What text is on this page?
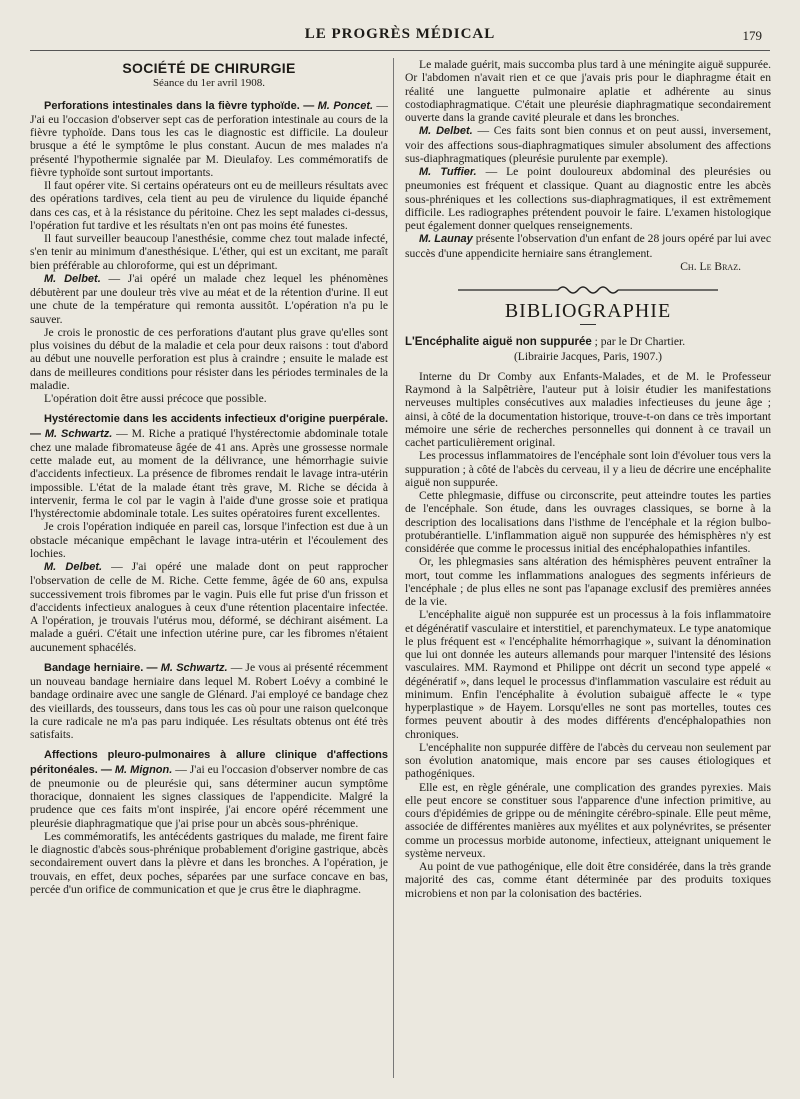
LE PROGRÈS MÉDICAL	179
SOCIÉTÉ DE CHIRURGIE
Séance du 1er avril 1908.

Perforations intestinales dans la fièvre typhoïde. — M. Poncet. — J'ai eu l'occasion d'observer sept cas de perforation intestinale au cours de la fièvre typhoïde. Dans tous les cas le diagnostic est difficile. La douleur brusque a été le symptôme le plus constant. Aucun de mes malades n'a présenté l'hypothermie signalée par M. Dieulafoy. Les commémoratifs de fièvre typhoïde sont surtout importants.

Il faut opérer vite. Si certains opérateurs ont eu de meilleurs résultats avec des opérations tardives, cela tient au peu de virulence du liquide épanché dans ces cas, et à la résistance du péritoine. Chez les sept malades ci-dessus, l'opération fut tardive et les résultats n'en ont pas moins été funestes.

Il faut surveiller beaucoup l'anesthésie, comme chez tout malade infecté, s'en tenir au minimum d'anesthésique. L'éther, qui est un excitant, me paraît bien préférable au chloroforme, qui est un déprimant.

M. Delbet. — J'ai opéré un malade chez lequel les phénomènes débutèrent par une douleur très vive au méat et de la rétention d'urine. Il eut une chute de la température qui remonta aussitôt. L'opération n'a pu le sauver.

Je crois le pronostic de ces perforations d'autant plus grave qu'elles sont plus voisines du début de la maladie et cela pour deux raisons : tout d'abord au début une nouvelle perforation est plus à craindre ; ensuite le malade est dans de meilleures conditions pour résister dans les périodes terminales de la maladie.

L'opération doit être aussi précoce que possible.

Hystérectomie dans les accidents infectieux d'origine puerpérale. — M. Schwartz. — M. Riche a pratiqué l'hystérectomie abdominale totale chez une malade fibromateuse âgée de 41 ans. Après une grossesse normale cette malade eut, au moment de la délivrance, une hémorrhagie suivie d'accidents infectieux. La présence de fibromes rendait le lavage intra-utérin impossible. L'état de la malade étant très grave, M. Riche se décida à intervenir, ferma le col par le vagin à l'aide d'une grosse soie et pratiqua l'hystérectomie abdominale totale. Les suites opératoires furent excellentes.

Je crois l'opération indiquée en pareil cas, lorsque l'infection est due à un obstacle mécanique empêchant le lavage intra-utérin et l'écoulement des lochies.

M. Delbet. — J'ai opéré une malade dont on peut rapprocher l'observation de celle de M. Riche. Cette femme, âgée de 60 ans, expulsa successivement trois fibromes par le vagin. Puis elle fut prise d'un frisson et d'accidents infectieux analogues à ceux d'une rétention placentaire infectée. A l'opération, je trouvais l'utérus mou, déformé, se déchirant aisément. La malade a guéri. C'était une infection utérine pure, car les fibromes n'étaient aucunement sphacélés.

Bandage herniaire. — M. Schwartz. — Je vous ai présenté récemment un nouveau bandage herniaire dans lequel M. Robert Loévy a combiné le bandage ordinaire avec une sangle de Glénard. J'ai employé ce bandage chez des vieillards, des tousseurs, dans tous les cas où pour une raison quelconque la cure radicale ne m'a pas paru indiquée. Les résultats obtenus ont été très satisfaits.

Affections pleuro-pulmonaires à allure clinique d'affections péritonéales. — M. Mignon. — J'ai eu l'occasion d'observer nombre de cas de pneumonie ou de pleurésie qui, sans déterminer aucun symptôme thoracique, donnaient les signes classiques de l'appendicite. Malgré la prudence que ces faits m'ont inspirée, j'ai encore opéré récemment une pleurésie diaphragmatique que j'ai prise pour un abcès sous-phrénique.

Les commémoratifs, les antécédents gastriques du malade, me firent faire le diagnostic d'abcès sous-phrénique probablement d'origine gastrique, abcès secondairement ouvert dans la plèvre et dans les bronches. A l'opération, je trouvais, en effet, deux poches, séparées par une surface concave en bas, percée d'un orifice de communication et que je crus être le diaphragme.

Le malade guérit, mais succomba plus tard à une méningite aiguë suppurée. Or l'abdomen n'avait rien et ce que j'avais pris pour le diaphragme était en réalité une languette pulmonaire aplatie et adhérente au sinus costodiaphragmatique. C'était une pleurésie diaphragmatique secondairement ouverte dans la grande cavité pleurale et dans les bronches.

M. Delbet. — Ces faits sont bien connus et on peut aussi, inversement, voir des affections sous-diaphragmatiques simuler absolument des affections sus-diaphragmatiques (pleurésie purulente par exemple).

M. Tuffier. — Le point douloureux abdominal des pleurésies ou pneumonies est fréquent et classique. Quant au diagnostic entre les abcès sous-phréniques et les collections sus-diaphragmatiques, il est extrêmement difficile. Les radiographes prétendent pouvoir le faire. L'examen histologique peut également donner quelques renseignements.

M. Launay présente l'observation d'un enfant de 28 jours opéré par lui avec succès d'une appendicite herniaire sans étranglement.

Ch. Le Braz.
BIBLIOGRAPHIE

L'Encéphalite aiguë non suppurée ; par le Dr Chartier.

(Librairie Jacques, Paris, 1907.)

Interne du Dr Comby aux Enfants-Malades, et de M. le Professeur Raymond à la Salpêtrière, l'auteur put à loisir étudier les manifestations nerveuses multiples consécutives aux maladies infectieuses du jeune âge ; ainsi, à côté de la documentation historique, trouve-t-on dans ce très important mémoire une série de recherches personnelles qui donnent à ce travail un cachet particulièrement original.

Les processus inflammatoires de l'encéphale sont loin d'évoluer tous vers la suppuration ; à côté de l'abcès du cerveau, il y a lieu de décrire une encéphalite aiguë non suppurée.

Cette phlegmasie, diffuse ou circonscrite, peut atteindre toutes les parties de l'encéphale. Son étude, dans les ouvrages classiques, se borne à la description des localisations dans l'isthme de l'encéphale et la région bulbo-protubérantielle. L'inflammation aiguë non suppurée des hémisphères n'y est considérée que comme le processus initial des encéphalopathies infantiles.

Or, les phlegmasies sans altération des hémisphères peuvent entraîner la mort, tout comme les inflammations analogues des segments inférieurs de l'encéphale ; de plus elles ne sont pas l'apanage exclusif des premières années de la vie.

L'encéphalite aiguë non suppurée est un processus à la fois inflammatoire et dégénératif vasculaire et interstitiel, et parenchymateux. Le type anatomique le plus fréquent est « l'encéphalite hémorrhagique », suivant la dénomination que lui ont donnée les auteurs allemands pour marquer l'intensité des lésions vasculaires. MM. Raymond et Philippe ont décrit un second type appelé « dégénératif », dans lequel le processus d'inflammation vasculaire est réduit au minimum. Enfin l'encéphalite à évolution subaiguë affecte le « type hyperplastique » de Hayem. Lorsqu'elles ne sont pas mortelles, toutes ces formes peuvent aboutir à des modes différents d'encéphalopathies non chroniques.

L'encéphalite non suppurée diffère de l'abcès du cerveau non seulement par son évolution anatomique, mais encore par ses causes étiologiques et pathogéniques.

Elle est, en règle générale, une complication des grandes pyrexies. Mais elle peut encore se constituer sous l'apparence d'une infection primitive, au cours d'épidémies de grippe ou de méningite cérébro-spinale. Elle peut même, associée de différentes manières aux myélites et aux polynévrites, se présenter comme un processus morbide autonome, infectieux, atteignant uniquement le système nerveux.

Au point de vue pathogénique, elle doit être considérée, dans la très grande majorité des cas, comme étant déterminée par des produits toxiques microbiens et non par la colonisation des bactéries.
